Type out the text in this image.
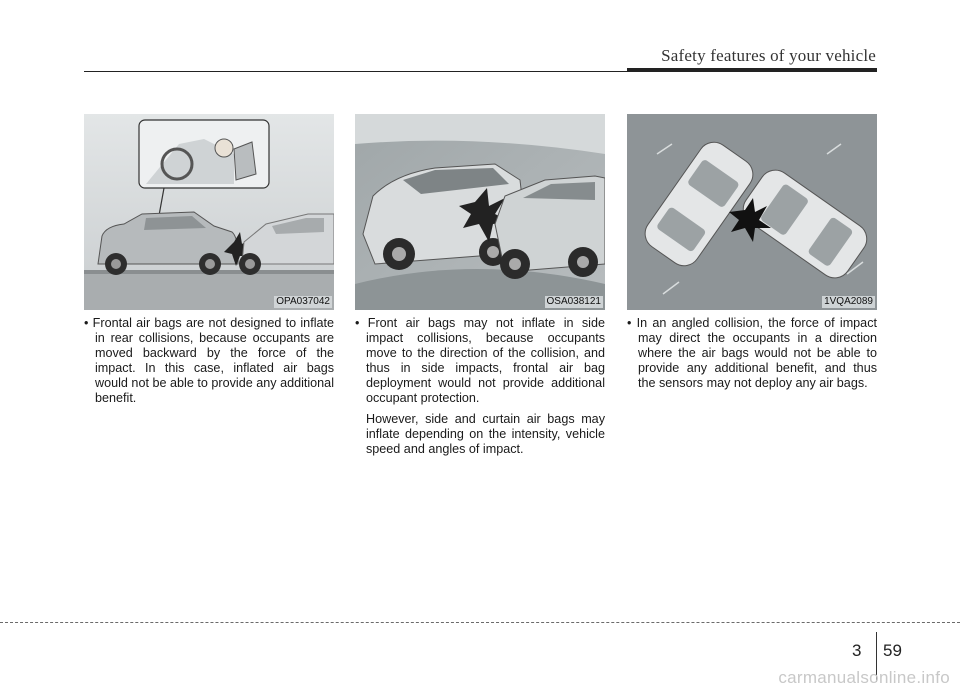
Safety features of your vehicle
OPA037042	OSA038121	1VQA2089

• Frontal air bags are not designed to inflate in rear collisions, because occupants are moved backward by the force of the impact. In this case, inflated air bags would not be able to provide any additional benefit.

• Front air bags may not inflate in side impact collisions, because occupants move to the direction of the collision, and thus in side impacts, frontal air bag deployment would not provide additional occupant protection.

However, side and curtain air bags may inflate depending on the intensity, vehicle speed and angles of impact.

• In an angled collision, the force of impact may direct the occupants in a direction where the air bags would not be able to provide any additional benefit, and thus the sensors may not deploy any air bags.

3 59
carmanualsonline.info
